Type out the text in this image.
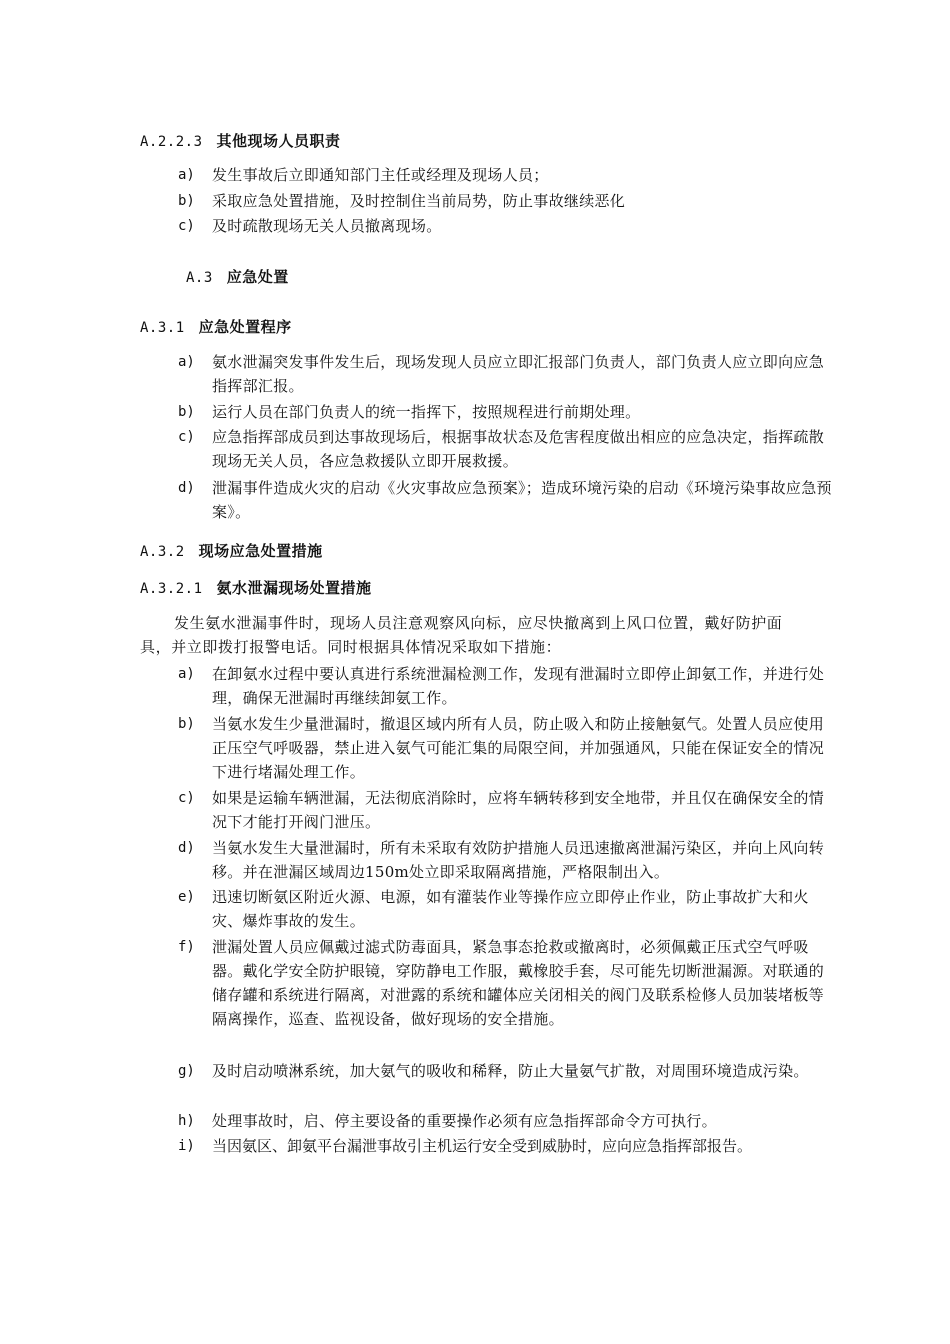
A.2.2.3 其他现场人员职责
a)	发生事故后立即通知部门主任或经理及现场人员；
b)	采取应急处置措施，及时控制住当前局势，防止事故继续恶化
c)	及时疏散现场无关人员撤离现场。
A.3 应急处置
A.3.1 应急处置程序
a)	氨水泄漏突发事件发生后，现场发现人员应立即汇报部门负责人，部门负责人应立即向应急指挥部汇报。
b)	运行人员在部门负责人的统一指挥下，按照规程进行前期处理。
c)	应急指挥部成员到达事故现场后，根据事故状态及危害程度做出相应的应急决定，指挥疏散现场无关人员，各应急救援队立即开展救援。
d)	泄漏事件造成火灾的启动《火灾事故应急预案》；造成环境污染的启动《环境污染事故应急预案》。
A.3.2 现场应急处置措施
A.3.2.1 氨水泄漏现场处置措施
发生氨水泄漏事件时，现场人员注意观察风向标，应尽快撤离到上风口位置，戴好防护面具，并立即拨打报警电话。同时根据具体情况采取如下措施：
a)	在卸氨水过程中要认真进行系统泄漏检测工作，发现有泄漏时立即停止卸氨工作，并进行处理，确保无泄漏时再继续卸氨工作。
b)	当氨水发生少量泄漏时，撤退区域内所有人员，防止吸入和防止接触氨气。处置人员应使用正压空气呼吸器，禁止进入氨气可能汇集的局限空间，并加强通风，只能在保证安全的情况下进行堵漏处理工作。
c)	如果是运输车辆泄漏，无法彻底消除时，应将车辆转移到安全地带，并且仅在确保安全的情况下才能打开阀门泄压。
d)	当氨水发生大量泄漏时，所有未采取有效防护措施人员迅速撤离泄漏污染区，并向上风向转移。并在泄漏区域周边150m处立即采取隔离措施，严格限制出入。
e)	迅速切断氨区附近火源、电源，如有灌装作业等操作应立即停止作业，防止事故扩大和火灾、爆炸事故的发生。
f)	泄漏处置人员应佩戴过滤式防毒面具，紧急事态抢救或撤离时，必须佩戴正压式空气呼吸器。戴化学安全防护眼镜，穿防静电工作服，戴橡胶手套，尽可能先切断泄漏源。对联通的储存罐和系统进行隔离，对泄露的系统和罐体应关闭相关的阀门及联系检修人员加装堵板等隔离操作，巡查、监视设备，做好现场的安全措施。
g)	及时启动喷淋系统，加大氨气的吸收和稀释，防止大量氨气扩散，对周围环境造成污染。
h)	处理事故时，启、停主要设备的重要操作必须有应急指挥部命令方可执行。
i)	当因氨区、卸氨平台漏泄事故引主机运行安全受到威胁时，应向应急指挥部报告。
